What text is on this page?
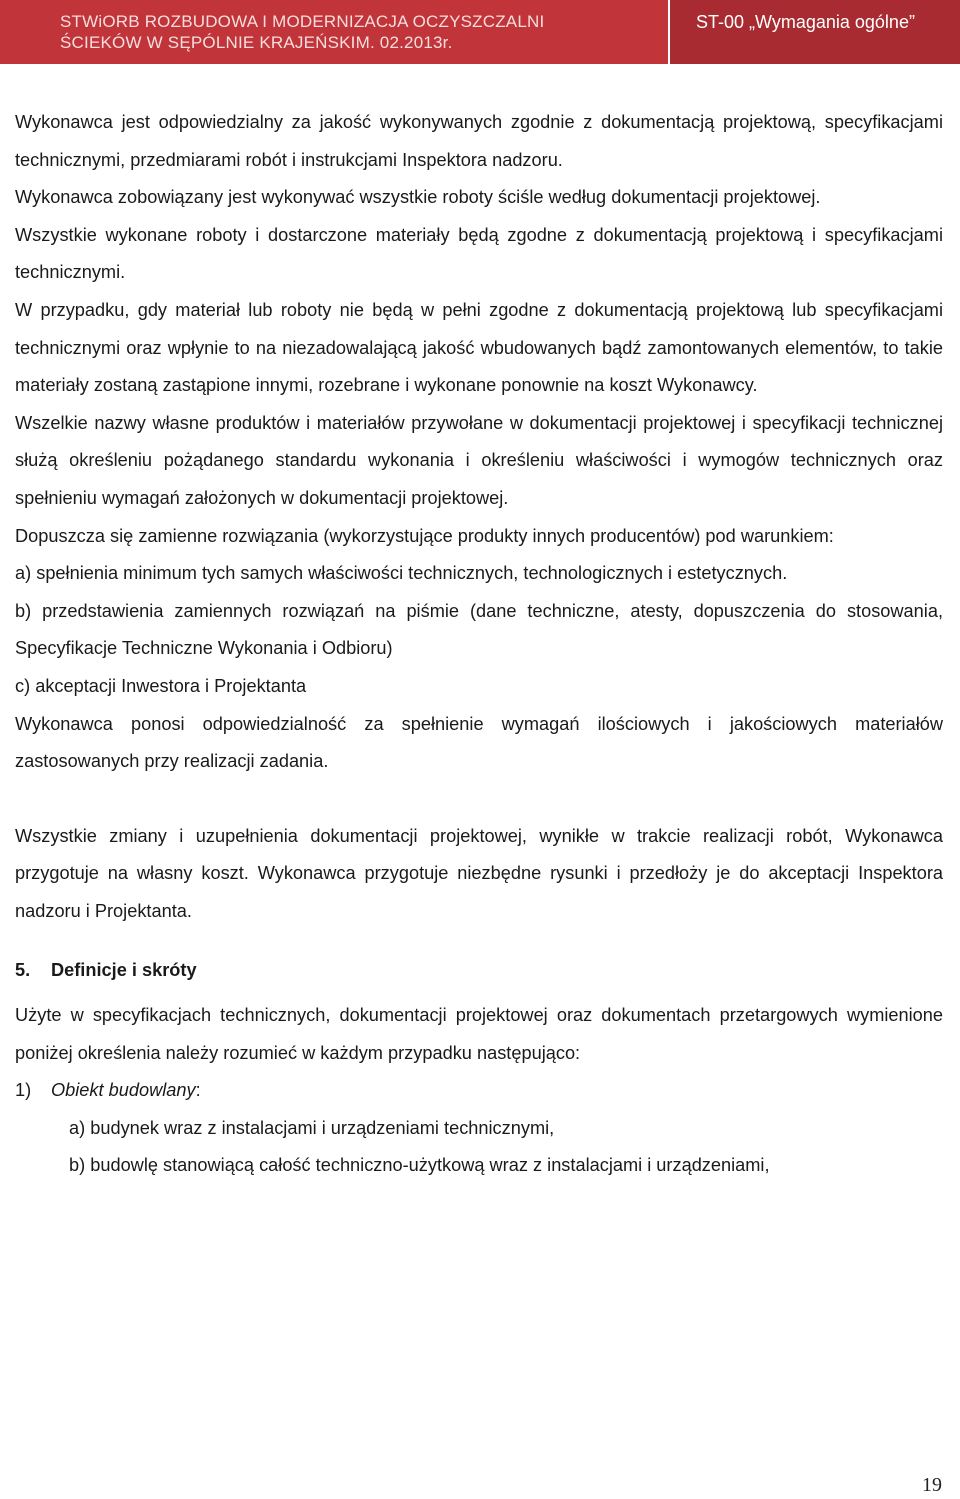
STWiORB ROZBUDOWA I MODERNIZACJA OCZYSZCZALNI
ŚCIEKÓW W SĘPÓLNIE KRAJEŃSKIM. 02.2013r.
ST-00 „Wymagania ogólne”

Wykonawca jest odpowiedzialny za jakość wykonywanych zgodnie z dokumentacją projektową, specyfikacjami technicznymi, przedmiarami robót i instrukcjami Inspektora nadzoru.

Wykonawca zobowiązany jest wykonywać wszystkie roboty ściśle według dokumentacji projektowej.

Wszystkie wykonane roboty i dostarczone materiały będą zgodne z dokumentacją projektową i specyfikacjami technicznymi.

W przypadku, gdy materiał lub roboty nie będą w pełni zgodne z dokumentacją projektową lub specyfikacjami technicznymi oraz wpłynie to na niezadowalającą jakość wbudowanych bądź zamontowanych elementów, to takie materiały zostaną zastąpione innymi, rozebrane i wykonane ponownie na koszt Wykonawcy.

Wszelkie nazwy własne produktów i materiałów przywołane w dokumentacji projektowej i specyfikacji technicznej służą określeniu pożądanego standardu wykonania i określeniu właściwości i wymogów technicznych oraz spełnieniu wymagań założonych w dokumentacji projektowej.

Dopuszcza się zamienne rozwiązania (wykorzystujące produkty innych producentów) pod warunkiem:

a) spełnienia minimum tych samych właściwości technicznych, technologicznych i estetycznych.

b) przedstawienia zamiennych rozwiązań na piśmie (dane techniczne, atesty, dopuszczenia do stosowania, Specyfikacje Techniczne Wykonania i Odbioru)

c) akceptacji Inwestora i Projektanta

Wykonawca ponosi odpowiedzialność za spełnienie wymagań ilościowych i jakościowych materiałów zastosowanych przy realizacji zadania.

Wszystkie zmiany i uzupełnienia dokumentacji projektowej, wynikłe w trakcie realizacji robót, Wykonawca przygotuje na własny koszt. Wykonawca przygotuje niezbędne rysunki i przedłoży je do akceptacji Inspektora nadzoru i Projektanta.

5. Definicje i skróty

Użyte w specyfikacjach technicznych, dokumentacji projektowej oraz dokumentach przetargowych wymienione poniżej określenia należy rozumieć w każdym przypadku następująco:

1) Obiekt budowlany:

a) budynek wraz z instalacjami i urządzeniami technicznymi,

b) budowlę stanowiącą całość techniczno-użytkową wraz z instalacjami i urządzeniami,

19
